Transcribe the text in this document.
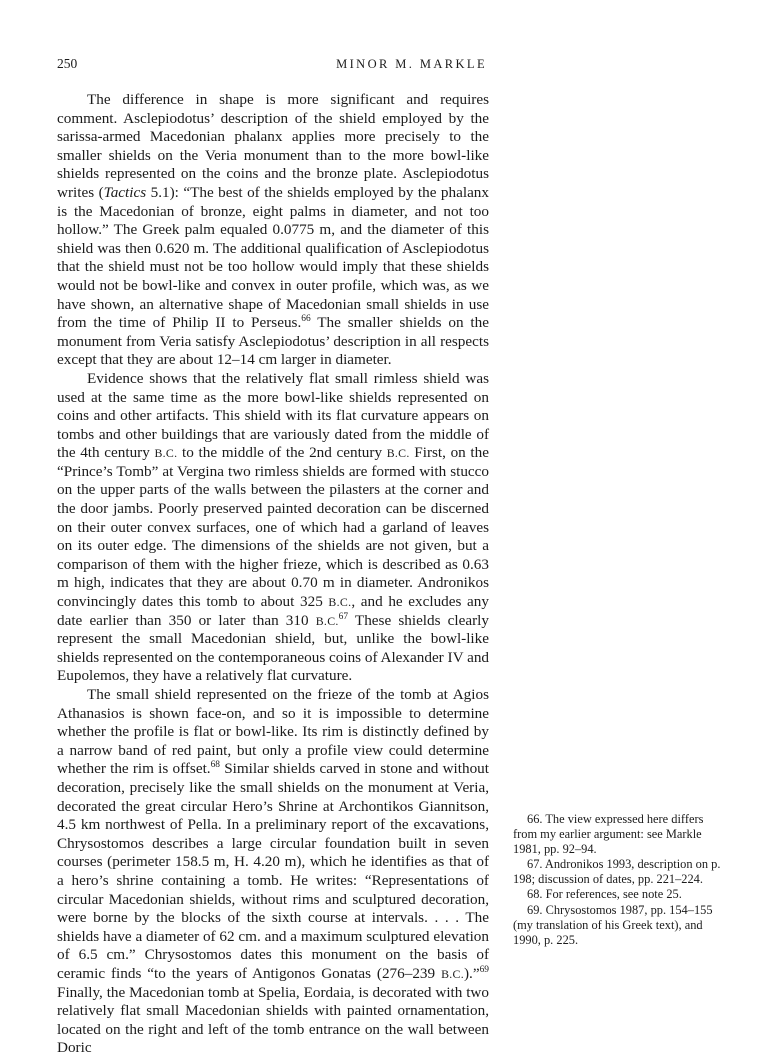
250	MINOR M. MARKLE

The difference in shape is more significant and requires comment. Asclepiodotus’ description of the shield employed by the sarissa-armed Macedonian phalanx applies more precisely to the smaller shields on the Veria monument than to the more bowl-like shields represented on the coins and the bronze plate. Asclepiodotus writes (Tactics 5.1): “The best of the shields employed by the phalanx is the Macedonian of bronze, eight palms in diameter, and not too hollow.” The Greek palm equaled 0.0775 m, and the diameter of this shield was then 0.620 m. The additional qualification of Asclepiodotus that the shield must not be too hollow would imply that these shields would not be bowl-like and convex in outer profile, which was, as we have shown, an alternative shape of Macedonian small shields in use from the time of Philip II to Perseus.$^{66}$ The smaller shields on the monument from Veria satisfy Asclepiodotus’ description in all respects except that they are about 12–14 cm larger in diameter.

Evidence shows that the relatively flat small rimless shield was used at the same time as the more bowl-like shields represented on coins and other artifacts. This shield with its flat curvature appears on tombs and other buildings that are variously dated from the middle of the 4th century B.C. to the middle of the 2nd century B.C. First, on the “Prince’s Tomb” at Vergina two rimless shields are formed with stucco on the upper parts of the walls between the pilasters at the corner and the door jambs. Poorly preserved painted decoration can be discerned on their outer convex surfaces, one of which had a garland of leaves on its outer edge. The dimensions of the shields are not given, but a comparison of them with the higher frieze, which is described as 0.63 m high, indicates that they are about 0.70 m in diameter. Andronikos convincingly dates this tomb to about 325 B.C., and he excludes any date earlier than 350 or later than 310 B.C.$^{67}$ These shields clearly represent the small Macedonian shield, but, unlike the bowl-like shields represented on the contemporaneous coins of Alexander IV and Eupolemos, they have a relatively flat curvature.

The small shield represented on the frieze of the tomb at Agios Athanasios is shown face-on, and so it is impossible to determine whether the profile is flat or bowl-like. Its rim is distinctly defined by a narrow band of red paint, but only a profile view could determine whether the rim is offset.$^{68}$ Similar shields carved in stone and without decoration, precisely like the small shields on the monument at Veria, decorated the great circular Hero’s Shrine at Archontikos Giannitson, 4.5 km northwest of Pella. In a preliminary report of the excavations, Chrysostomos describes a large circular foundation built in seven courses (perimeter 158.5 m, H. 4.20 m), which he identifies as that of a hero’s shrine containing a tomb. He writes: “Representations of circular Macedonian shields, without rims and sculptured decoration, were borne by the blocks of the sixth course at intervals. . . . The shields have a diameter of 62 cm. and a maximum sculptured elevation of 6.5 cm.” Chrysostomos dates this monument on the basis of ceramic finds “to the years of Antigonos Gonatas (276–239 B.C.).”$^{69}$ Finally, the Macedonian tomb at Spelia, Eordaia, is decorated with two relatively flat small Macedonian shields with painted ornamentation, located on the right and left of the tomb entrance on the wall between Doric

66. The view expressed here differs from my earlier argument: see Markle 1981, pp. 92–94.

67. Andronikos 1993, description on p. 198; discussion of dates, pp. 221–224.

68. For references, see note 25.

69. Chrysostomos 1987, pp. 154–155 (my translation of his Greek text), and 1990, p. 225.
